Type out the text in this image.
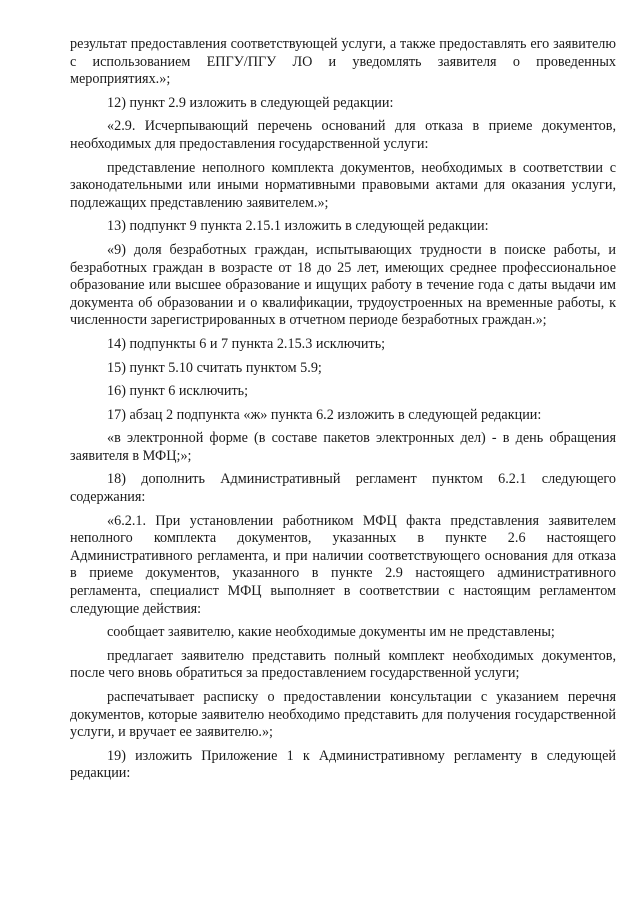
результат предоставления соответствующей услуги, а также предоставлять его заявителю с использованием ЕПГУ/ПГУ ЛО и уведомлять заявителя о проведенных мероприятиях.»;

12) пункт 2.9 изложить в следующей редакции:

«2.9. Исчерпывающий перечень оснований для отказа в приеме документов, необходимых для предоставления государственной услуги:

представление неполного комплекта документов, необходимых в соответствии с законодательными или иными нормативными правовыми актами для оказания услуги, подлежащих представлению заявителем.»;

13) подпункт 9 пункта 2.15.1 изложить в следующей редакции:

«9) доля безработных граждан, испытывающих трудности в поиске работы, и безработных граждан в возрасте от 18 до 25 лет, имеющих среднее профессиональное образование или высшее образование и ищущих работу в течение года с даты выдачи им документа об образовании и о квалификации, трудоустроенных на временные работы, к численности зарегистрированных в отчетном периоде безработных граждан.»;

14) подпункты 6 и 7 пункта 2.15.3 исключить;

15) пункт 5.10 считать пунктом 5.9;

16) пункт 6 исключить;

17) абзац 2 подпункта «ж» пункта 6.2 изложить в следующей редакции:

«в электронной форме (в составе пакетов электронных дел) - в день обращения заявителя в МФЦ;»;

18) дополнить Административный регламент пунктом 6.2.1 следующего содержания:

«6.2.1. При установлении работником МФЦ факта представления заявителем неполного комплекта документов, указанных в пункте 2.6 настоящего Административного регламента, и при наличии соответствующего основания для отказа в приеме документов, указанного в пункте 2.9 настоящего административного регламента, специалист МФЦ выполняет в соответствии с настоящим регламентом следующие действия:

сообщает заявителю, какие необходимые документы им не представлены;

предлагает заявителю представить полный комплект необходимых документов, после чего вновь обратиться за предоставлением государственной услуги;

распечатывает расписку о предоставлении консультации с указанием перечня документов, которые заявителю необходимо представить для получения государственной услуги, и вручает ее заявителю.»;

19) изложить Приложение 1 к Административному регламенту в следующей редакции:
